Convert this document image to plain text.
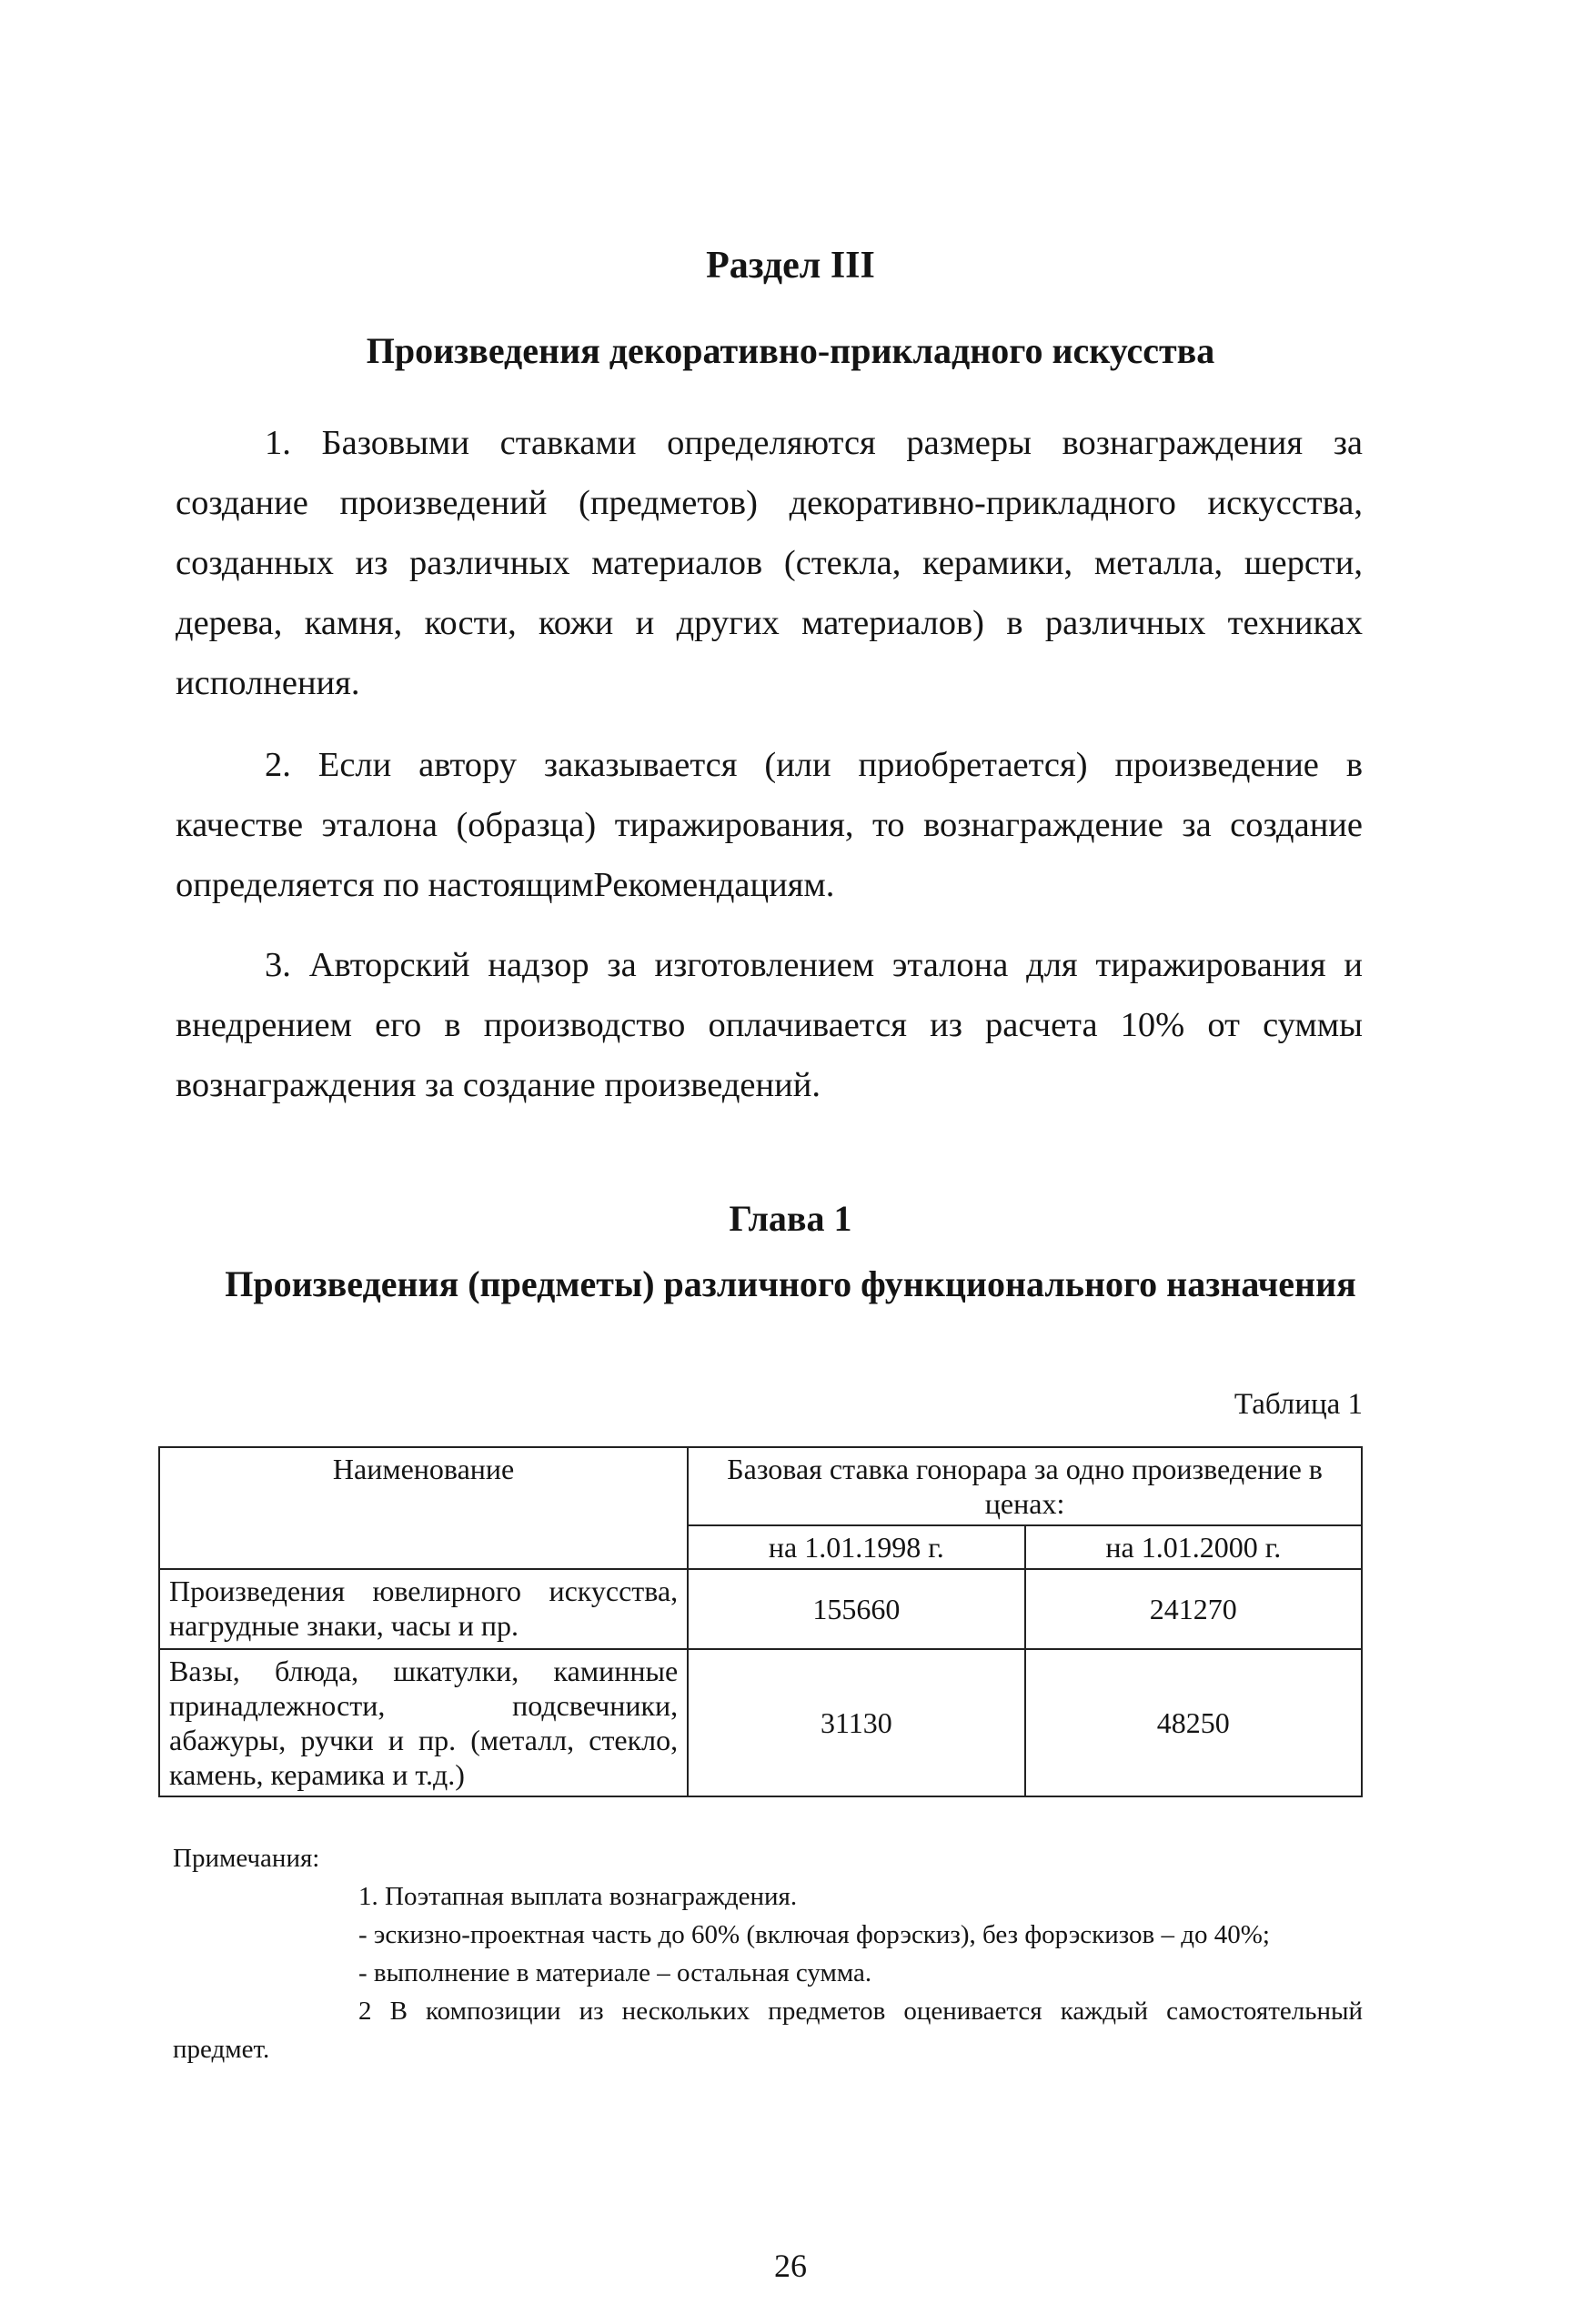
Раздел III
Произведения декоративно-прикладного искусства

1. Базовыми ставками определяются размеры вознаграждения за создание произведений (предметов) декоративно-прикладного искусства, созданных из различных материалов (стекла, керамики, металла, шерсти, дерева, камня, кости, кожи и других материалов) в различных техниках исполнения.

2. Если автору заказывается (или приобретается) произведение в качестве эталона (образца) тиражирования, то вознаграждение за создание определяется по настоящимРекомендациям.

3. Авторский надзор за изготовлением эталона для тиражирования и внедрением его в производство оплачивается из расчета 10% от суммы вознаграждения за создание произведений.

Глава 1
Произведения (предметы) различного функционального назначения
Таблица 1
Наименование	Базовая ставка гонорара за одно произведение в ценах:	
	на 1.01.1998 г.	на 1.01.2000 г.
Произведения ювелирного искусства, нагрудные знаки, часы и пр.	155660	241270
Вазы, блюда, шкатулки, каминные принадлежности, подсвечники, абажуры, ручки и пр. (металл, стекло, камень, керамика и т.д.)	31130	48250
Примечания:
1. Поэтапная выплата вознаграждения.
- эскизно-проектная часть до 60% (включая форэскиз), без форэскизов – до 40%;
- выполнение в материале – остальная сумма.
2 В композиции из нескольких предметов оценивается каждый самостоятельный предмет.
26
